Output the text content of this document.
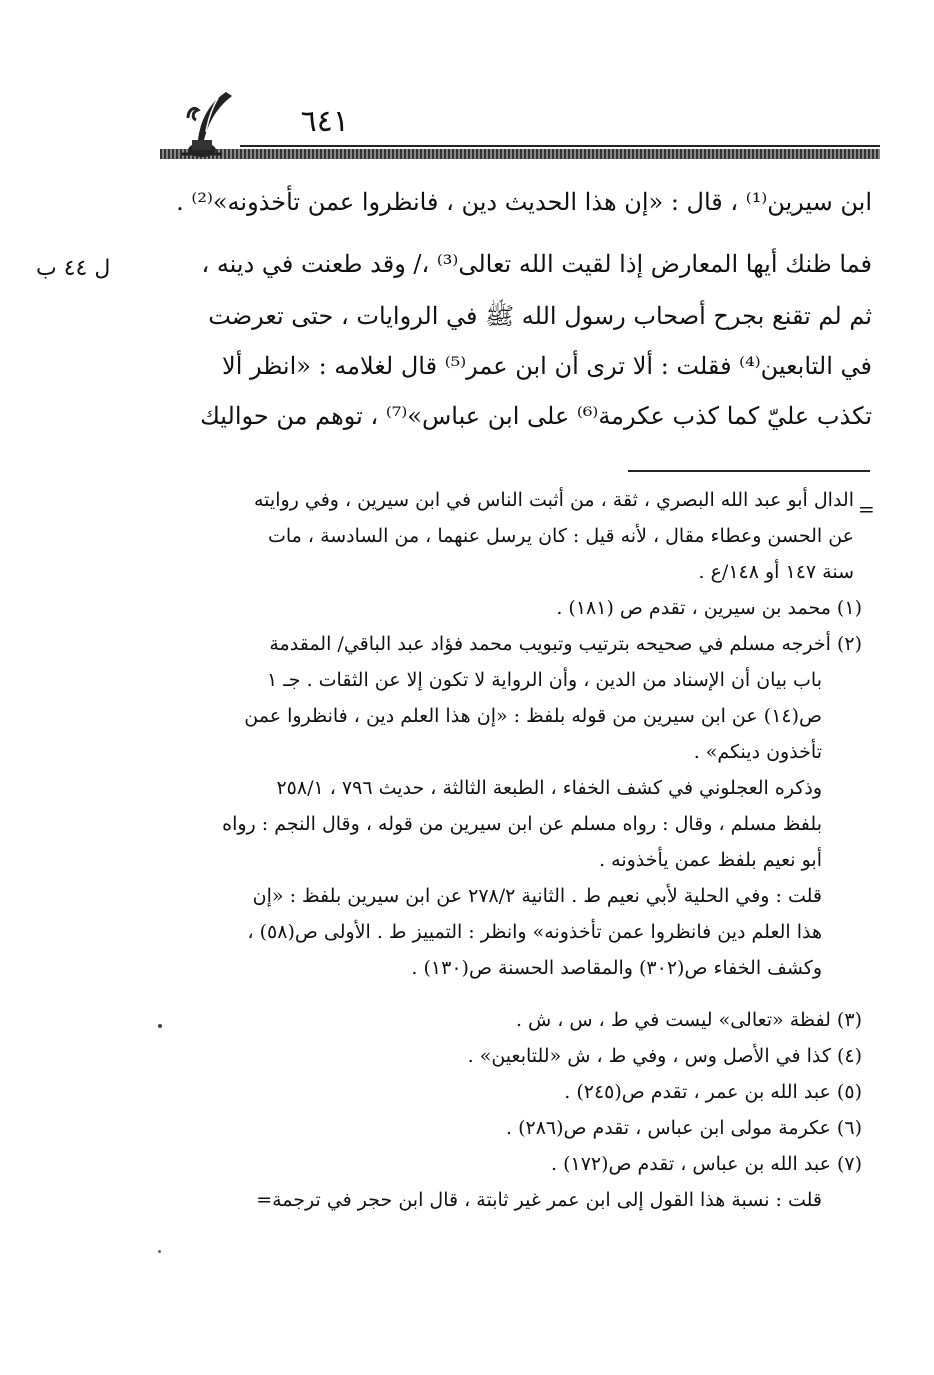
٦٤١
ابن سيرين⁽¹⁾ ، قال : «إن هذا الحديث دين ، فانظروا عمن تأخذونه»⁽²⁾ .
فما ظنك أيها المعارض إذا لقيت الله تعالى⁽³⁾ ،/ وقد طعنت في دينه ،
ثم لم تقنع بجرح أصحاب رسول الله ﷺ في الروايات ، حتى تعرضت
في التابعين⁽⁴⁾ فقلت : ألا ترى أن ابن عمر⁽⁵⁾ قال لغلامه : «انظر ألا
تكذب عليّ كما كذب عكرمة⁽⁶⁾ على ابن عباس»⁽⁷⁾ ، توهم من حواليك
ل ٤٤ ب
=
الدال أبو عبد الله البصري ، ثقة ، من أثبت الناس في ابن سيرين ، وفي روايته
عن الحسن وعطاء مقال ، لأنه قيل : كان يرسل عنهما ، من السادسة ، مات
سنة ١٤٧ أو ١٤٨/ع .
(١) محمد بن سيرين ، تقدم ص (١٨١) .
(٢) أخرجه مسلم في صحيحه بترتيب وتبويب محمد فؤاد عبد الباقي/ المقدمة
باب بيان أن الإسناد من الدين ، وأن الرواية لا تكون إلا عن الثقات . جـ ١
ص(١٤) عن ابن سيرين من قوله بلفظ : «إن هذا العلم دين ، فانظروا عمن
تأخذون دينكم» .
وذكره العجلوني في كشف الخفاء ، الطبعة الثالثة ، حديث ٧٩٦ ، ٢٥٨/١
بلفظ مسلم ، وقال : رواه مسلم عن ابن سيرين من قوله ، وقال النجم : رواه
أبو نعيم بلفظ عمن يأخذونه .
قلت : وفي الحلية لأبي نعيم ط . الثانية ٢٧٨/٢ عن ابن سيرين بلفظ : «إن
هذا العلم دين فانظروا عمن تأخذونه» وانظر : التمييز ط . الأولى ص(٥٨) ،
وكشف الخفاء ص(٣٠٢) والمقاصد الحسنة ص(١٣٠) .
(٣) لفظة «تعالى» ليست في ط ، س ، ش .
(٤) كذا في الأصل وس ، وفي ط ، ش «للتابعين» .
(٥) عبد الله بن عمر ، تقدم ص(٢٤٥) .
(٦) عكرمة مولى ابن عباس ، تقدم ص(٢٨٦) .
(٧) عبد الله بن عباس ، تقدم ص(١٧٢) .
قلت : نسبة هذا القول إلى ابن عمر غير ثابتة ، قال ابن حجر في ترجمة=
